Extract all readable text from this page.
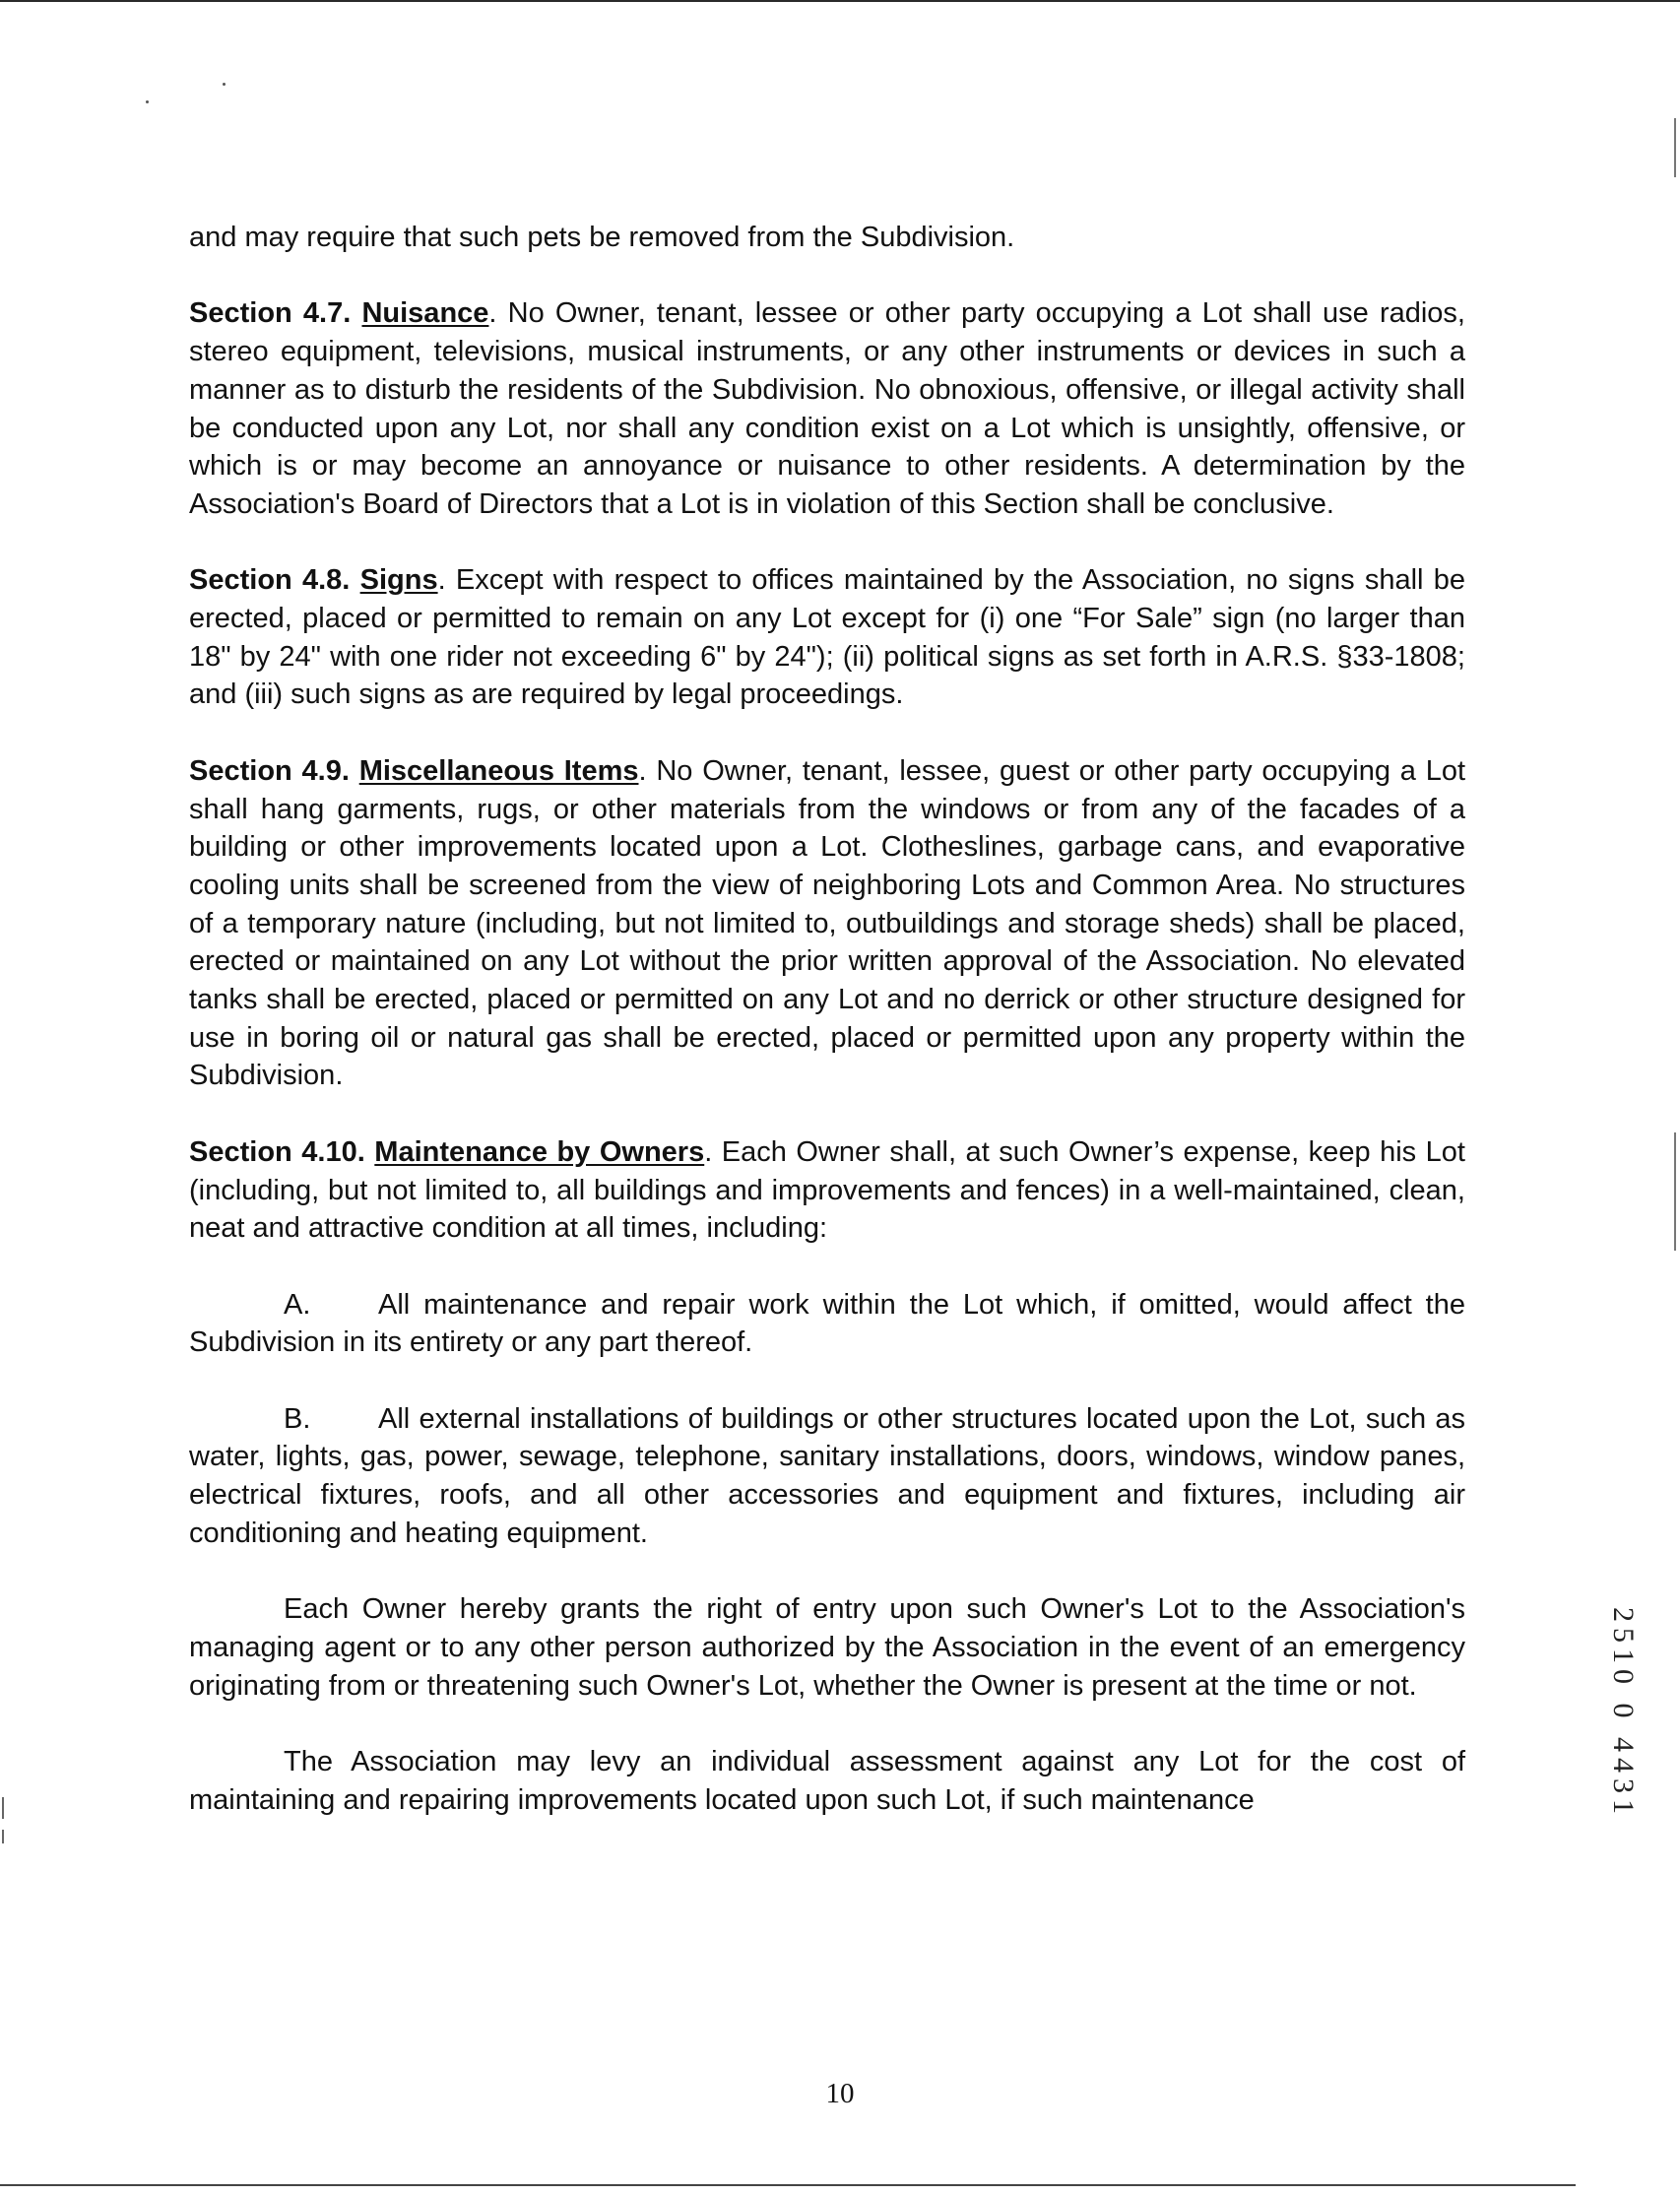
and may require that such pets be removed from the Subdivision.

Section 4.7. Nuisance. No Owner, tenant, lessee or other party occupying a Lot shall use radios, stereo equipment, televisions, musical instruments, or any other instruments or devices in such a manner as to disturb the residents of the Subdivision. No obnoxious, offensive, or illegal activity shall be conducted upon any Lot, nor shall any condition exist on a Lot which is unsightly, offensive, or which is or may become an annoyance or nuisance to other residents. A determination by the Association's Board of Directors that a Lot is in violation of this Section shall be conclusive.

Section 4.8. Signs. Except with respect to offices maintained by the Association, no signs shall be erected, placed or permitted to remain on any Lot except for (i) one “For Sale” sign (no larger than 18" by 24" with one rider not exceeding 6" by 24"); (ii) political signs as set forth in A.R.S. §33-1808; and (iii) such signs as are required by legal proceedings.

Section 4.9. Miscellaneous Items. No Owner, tenant, lessee, guest or other party occupying a Lot shall hang garments, rugs, or other materials from the windows or from any of the facades of a building or other improvements located upon a Lot. Clotheslines, garbage cans, and evaporative cooling units shall be screened from the view of neighboring Lots and Common Area. No structures of a temporary nature (including, but not limited to, outbuildings and storage sheds) shall be placed, erected or maintained on any Lot without the prior written approval of the Association. No elevated tanks shall be erected, placed or permitted on any Lot and no derrick or other structure designed for use in boring oil or natural gas shall be erected, placed or permitted upon any property within the Subdivision.

Section 4.10. Maintenance by Owners. Each Owner shall, at such Owner’s expense, keep his Lot (including, but not limited to, all buildings and improvements and fences) in a well-maintained, clean, neat and attractive condition at all times, including:

A. All maintenance and repair work within the Lot which, if omitted, would affect the Subdivision in its entirety or any part thereof.

B. All external installations of buildings or other structures located upon the Lot, such as water, lights, gas, power, sewage, telephone, sanitary installations, doors, windows, window panes, electrical fixtures, roofs, and all other accessories and equipment and fixtures, including air conditioning and heating equipment.

Each Owner hereby grants the right of entry upon such Owner's Lot to the Association's managing agent or to any other person authorized by the Association in the event of an emergency originating from or threatening such Owner's Lot, whether the Owner is present at the time or not.

The Association may levy an individual assessment against any Lot for the cost of maintaining and repairing improvements located upon such Lot, if such maintenance	2510 0 4431
10
